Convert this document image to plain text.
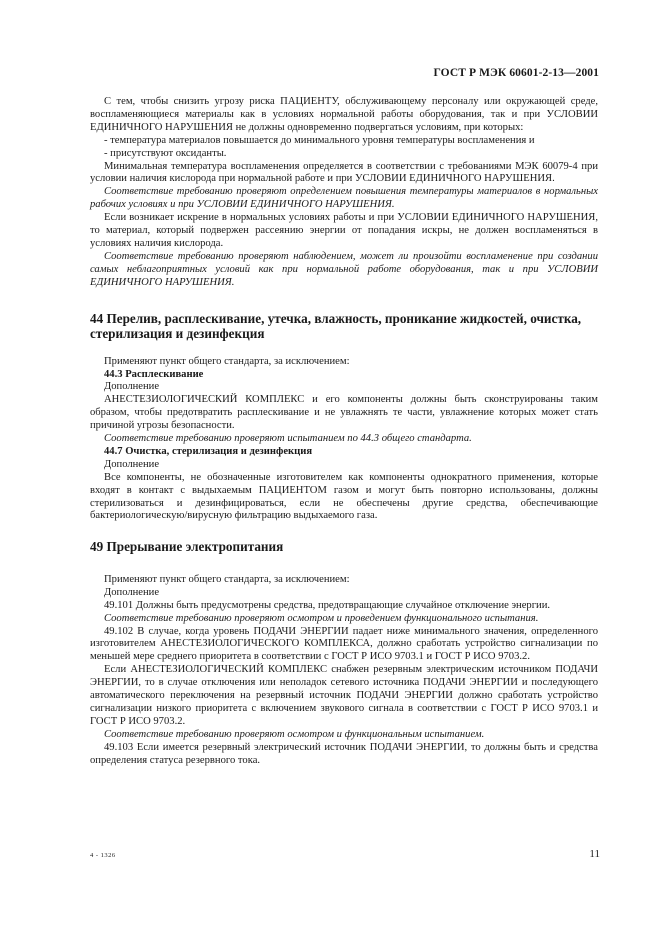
ГОСТ Р МЭК 60601-2-13—2001

С тем, чтобы снизить угрозу риска ПАЦИЕНТУ, обслуживающему персоналу или окружающей среде, воспламеняющиеся материалы как в условиях нормальной работы оборудования, так и при УСЛОВИИ ЕДИНИЧНОГО НАРУШЕНИЯ не должны одновременно подвергаться условиям, при которых:

- температура материалов повышается до минимального уровня температуры воспламенения и

- присутствуют оксиданты.

Минимальная температура воспламенения определяется в соответствии с требованиями МЭК 60079-4 при условии наличия кислорода при нормальной работе и при УСЛОВИИ ЕДИНИЧНОГО НАРУШЕНИЯ.

Соответствие требованию проверяют определением повышения температуры материалов в нормальных рабочих условиях и при УСЛОВИИ ЕДИНИЧНОГО НАРУШЕНИЯ.

Если возникает искрение в нормальных условиях работы и при УСЛОВИИ ЕДИНИЧНОГО НАРУШЕНИЯ, то материал, который подвержен рассеянию энергии от попадания искры, не должен воспламеняться в условиях наличия кислорода.

Соответствие требованию проверяют наблюдением, может ли произойти воспламенение при создании самых неблагоприятных условий как при нормальной работе оборудования, так и при УСЛОВИИ ЕДИНИЧНОГО НАРУШЕНИЯ.

44 Перелив, расплескивание, утечка, влажность, проникание жидкостей, очистка, стерилизация и дезинфекция

Применяют пункт общего стандарта, за исключением:

44.3 Расплескивание

Дополнение

АНЕСТЕЗИОЛОГИЧЕСКИЙ КОМПЛЕКС и его компоненты должны быть сконструированы таким образом, чтобы предотвратить расплескивание и не увлажнять те части, увлажнение которых может стать причиной угрозы безопасности.

Соответствие требованию проверяют испытанием по 44.3 общего стандарта.

44.7 Очистка, стерилизация и дезинфекция

Дополнение

Все компоненты, не обозначенные изготовителем как компоненты однократного применения, которые входят в контакт с выдыхаемым ПАЦИЕНТОМ газом и могут быть повторно использованы, должны стерилизоваться и дезинфицироваться, если не обеспечены другие средства, обеспечивающие бактериологическую/вирусную фильтрацию выдыхаемого газа.

49 Прерывание электропитания

Применяют пункт общего стандарта, за исключением:

Дополнение

49.101 Должны быть предусмотрены средства, предотвращающие случайное отключение энергии.

Соответствие требованию проверяют осмотром и проведением функционального испытания.

49.102 В случае, когда уровень ПОДАЧИ ЭНЕРГИИ падает ниже минимального значения, определенного изготовителем АНЕСТЕЗИОЛОГИЧЕСКОГО КОМПЛЕКСА, должно сработать устройство сигнализации по меньшей мере среднего приоритета в соответствии с ГОСТ Р ИСО 9703.1 и ГОСТ Р ИСО 9703.2.

Если АНЕСТЕЗИОЛОГИЧЕСКИЙ КОМПЛЕКС снабжен резервным электрическим источником ПОДАЧИ ЭНЕРГИИ, то в случае отключения или неполадок сетевого источника ПОДАЧИ ЭНЕРГИИ и последующего автоматического переключения на резервный источник ПОДАЧИ ЭНЕРГИИ должно сработать устройство сигнализации низкого приоритета с включением звукового сигнала в соответствии с ГОСТ Р ИСО 9703.1 и ГОСТ Р ИСО 9703.2.

Соответствие требованию проверяют осмотром и функциональным испытанием.

49.103 Если имеется резервный электрический источник ПОДАЧИ ЭНЕРГИИ, то должны быть и средства определения статуса резервного тока.

4 - 1326	11
